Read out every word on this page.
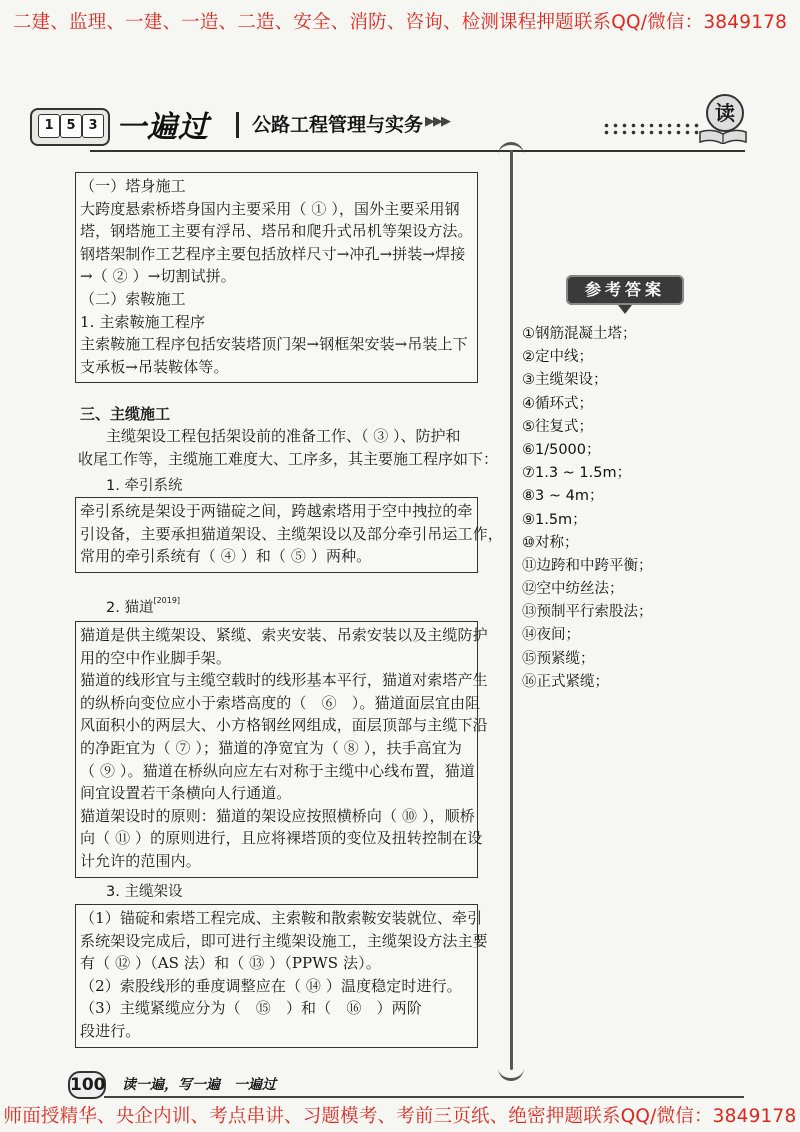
二建、监理、一建、一造、二造、安全、消防、咨询、检测课程押题联系QQ/微信：3849178
1 5 3 一遍过 公路工程管理与实务 ▶▶▶	读
（一）塔身施工
大跨度悬索桥塔身国内主要采用（ ① ），国外主要采用钢
塔，钢塔施工主要有浮吊、塔吊和爬升式吊机等架设方法。
钢塔架制作工艺程序主要包括放样尺寸→冲孔→拼装→焊接
→（ ② ）→切割试拼。
（二）索鞍施工
1. 主索鞍施工程序
主索鞍施工程序包括安装塔顶门架→钢框架安装→吊装上下
支承板→吊装鞍体等。
三、主缆施工
主缆架设工程包括架设前的准备工作、（ ③ ）、防护和
收尾工作等，主缆施工难度大、工序多，其主要施工程序如下：
1. 牵引系统
牵引系统是架设于两锚碇之间，跨越索塔用于空中拽拉的牵
引设备，主要承担猫道架设、主缆架设以及部分牵引吊运工作，
常用的牵引系统有（ ④ ）和（ ⑤ ）两种。
2. 猫道[2019]
猫道是供主缆架设、紧缆、索夹安装、吊索安装以及主缆防护
用的空中作业脚手架。
猫道的线形宜与主缆空载时的线形基本平行，猫道对索塔产生
的纵桥向变位应小于索塔高度的（　⑥　）。猫道面层宜由阻
风面积小的两层大、小方格钢丝网组成，面层顶部与主缆下沿
的净距宜为（ ⑦ ）；猫道的净宽宜为（ ⑧ ），扶手高宜为
（ ⑨ ）。猫道在桥纵向应左右对称于主缆中心线布置，猫道
间宜设置若干条横向人行通道。
猫道架设时的原则：猫道的架设应按照横桥向（ ⑩ ），顺桥
向（ ⑪ ）的原则进行，且应将裸塔顶的变位及扭转控制在设
计允许的范围内。
3. 主缆架设
（1）锚碇和索塔工程完成、主索鞍和散索鞍安装就位、牵引
系统架设完成后，即可进行主缆架设施工，主缆架设方法主要
有（ ⑫ ）（AS 法）和（ ⑬ ）（PPWS 法）。
（2）索股线形的垂度调整应在（ ⑭ ）温度稳定时进行。
（3）主缆紧缆应分为（　⑮　）和（　⑯　）两阶
段进行。
参考答案
①钢筋混凝土塔；
②定中线；
③主缆架设；
④循环式；
⑤往复式；
⑥1/5000；
⑦1.3 ~ 1.5m；
⑧3 ~ 4m；
⑨1.5m；
⑩对称；
⑪边跨和中跨平衡；
⑫空中纺丝法；
⑬预制平行索股法；
⑭夜间；
⑮预紧缆；
⑯正式紧缆；
100 读一遍，写一遍　一遍过
师面授精华、央企内训、考点串讲、习题模考、考前三页纸、绝密押题联系QQ/微信：3849178
